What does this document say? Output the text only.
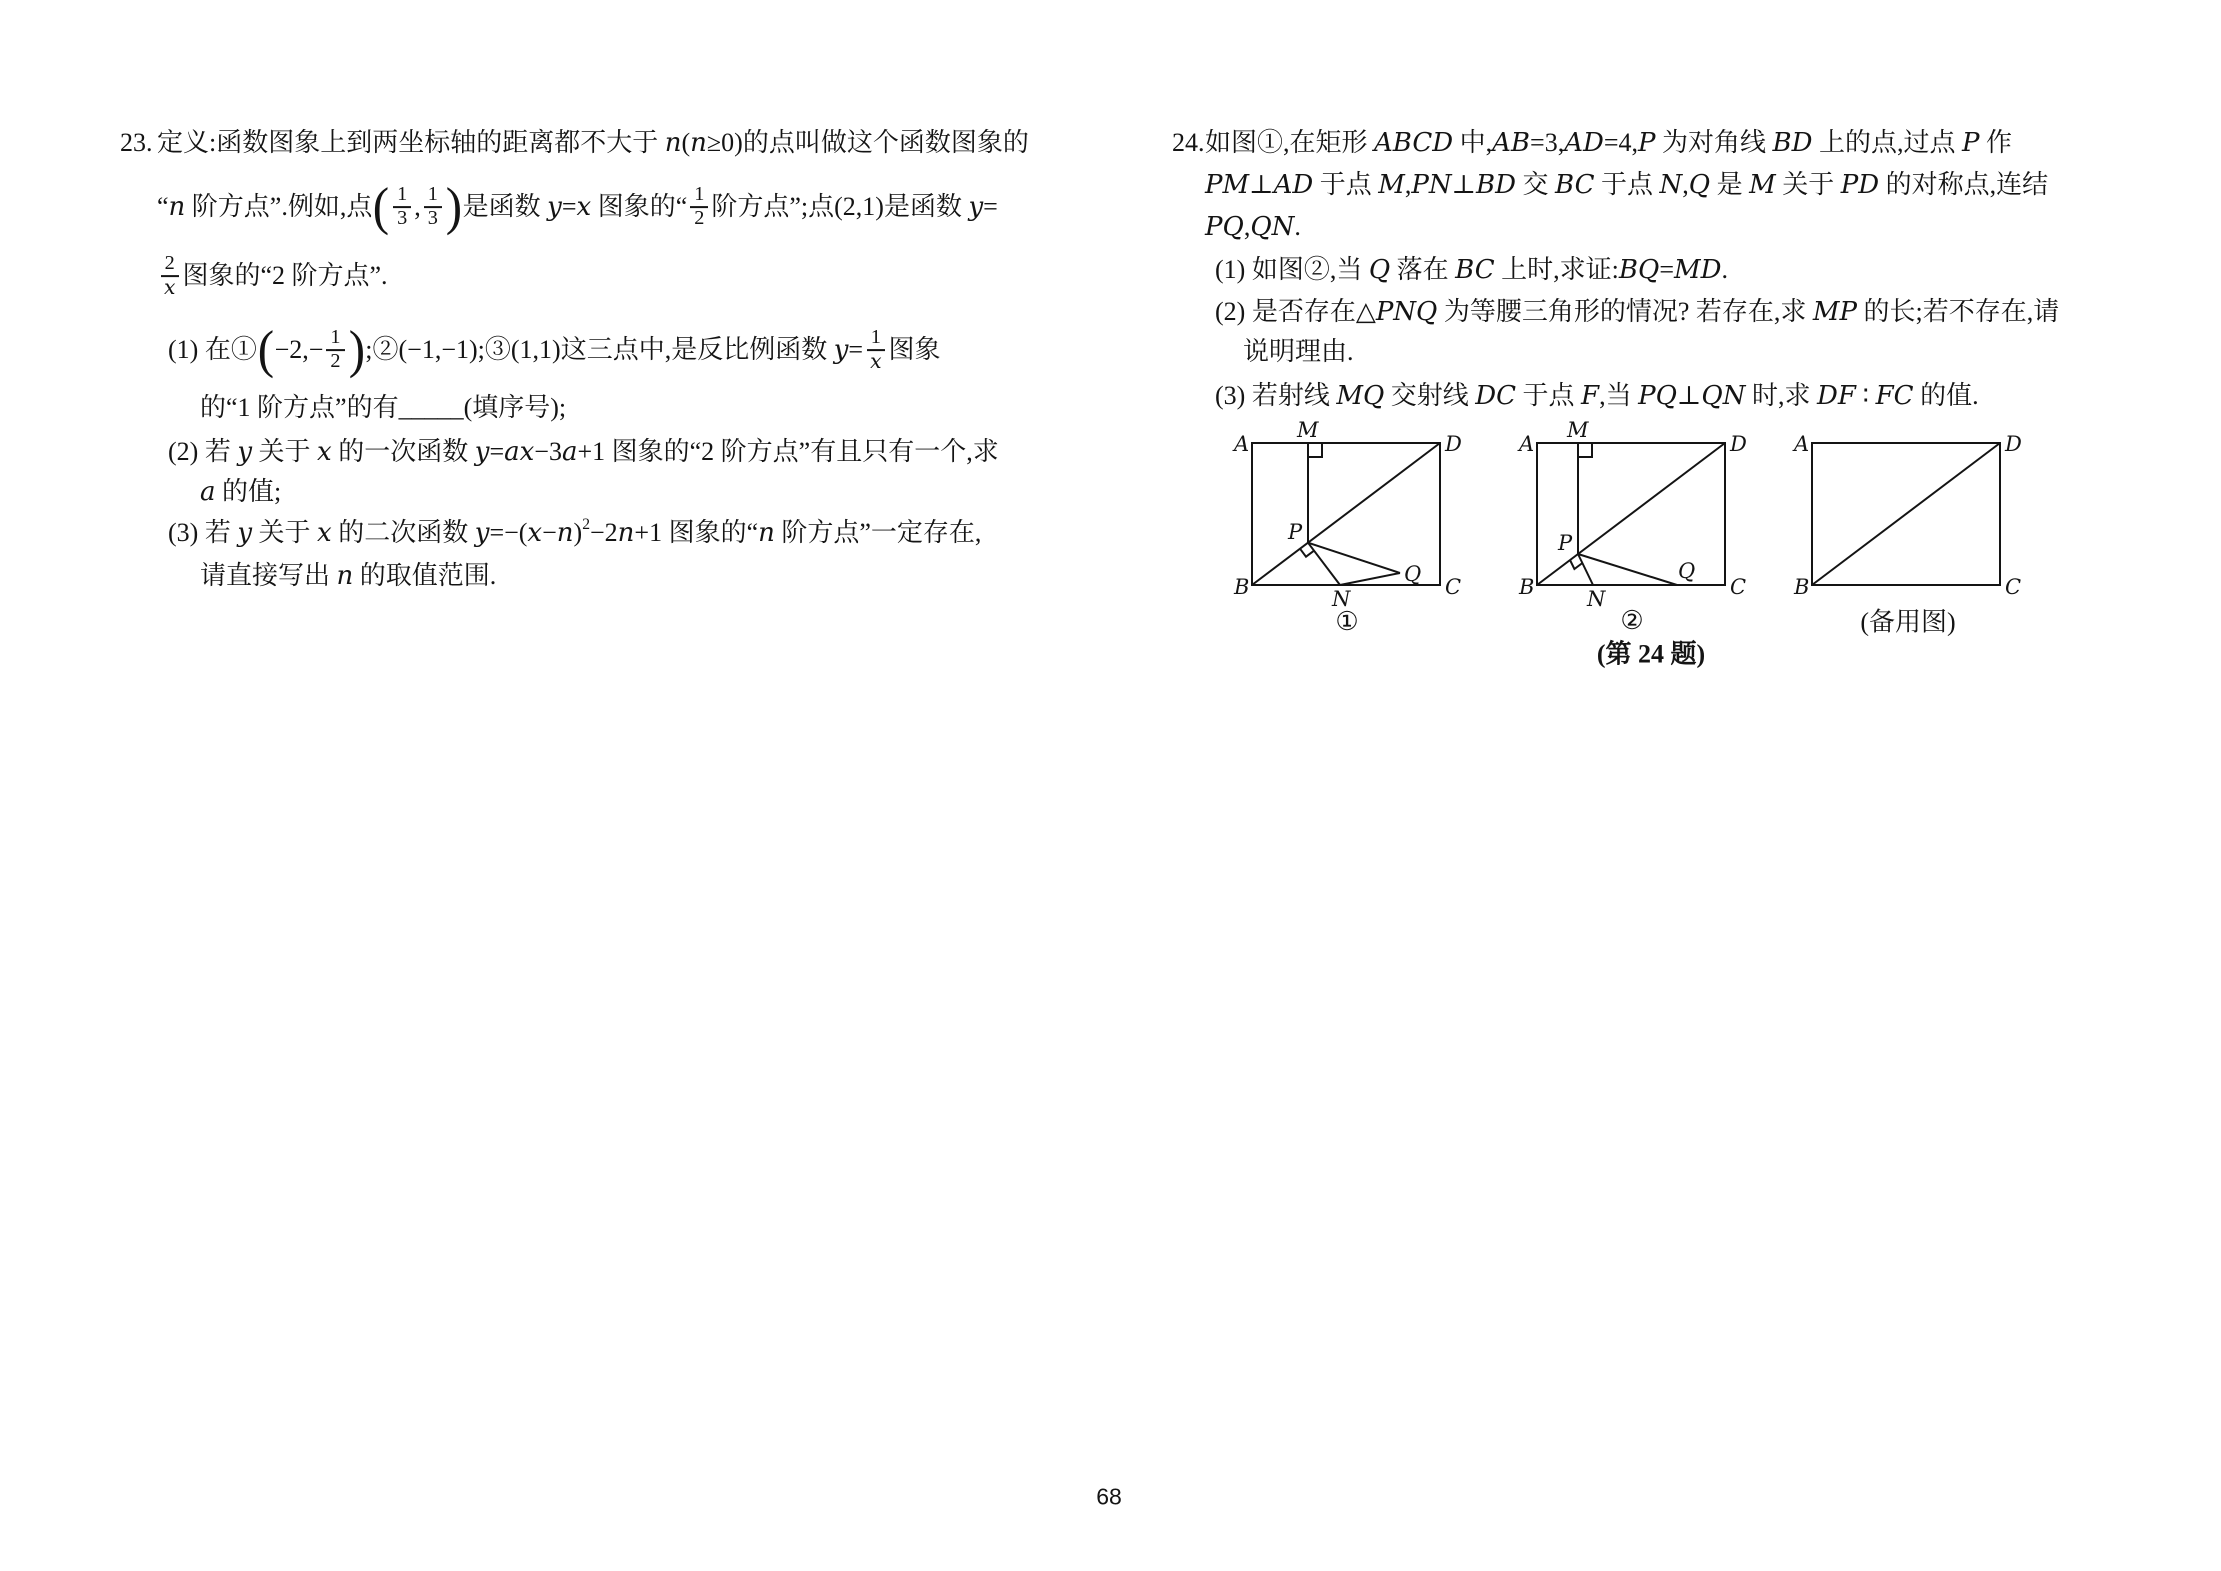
23. 定义:函数图象上到两坐标轴的距离都不大于 n ( n ≥0)的点叫做这个函数图象的
“ n 阶方点”.例如,点 ( $\frac{1}{3}$ , $\frac{1}{3}$ ) 是函数 y = x 图象的“ $\frac{1}{2}$ 阶方点”;点(2,1)是函数 y =
$\frac{2}{x}$ 图象的“2 阶方点”.
(1) 在① ( $-2,- \frac{1}{2}$ ) ;②(−1,−1);③(1,1)这三点中,是反比例函数 $y = \frac{1}{x}$ 图象
的“1 阶方点”的有 _____ (填序号);
(2) 若 y 关于 x 的一次函数 y = ax −3 a +1 图象的“2 阶方点”有且只有一个,求
a 的值;
(3) 若 y 关于 x 的二次函数 y =−( x − n ) 2 −2 n +1 图象的“ n 阶方点”一定存在,
请直接写出 n 的取值范围.
24. 如图①,在矩形 ABCD 中, AB =3, AD =4, P 为对角线 BD 上的点,过点 P 作
PM ⊥ AD 于点 M , PN ⊥ BD 交 BC 于点 N , Q 是 M 关于 PD 的对称点,连结
PQ , QN .
(1) 如图②,当 Q 落在 BC 上时,求证: BQ = MD .
(2) 是否存在△ PNQ 为等腰三角形的情况? 若存在,求 MP 的长;若不存在,请
说明理由.
(3) 若射线 MQ 交射线 DC 于点 F ,当 PQ ⊥ QN 时,求 DF ∶ FC 的值.
A	D
B	C
M
P
N
Q
①
A	D
B	C
M
P
N
Q
②
(第 24 题)
A	D
B	C
(备用图)
68
